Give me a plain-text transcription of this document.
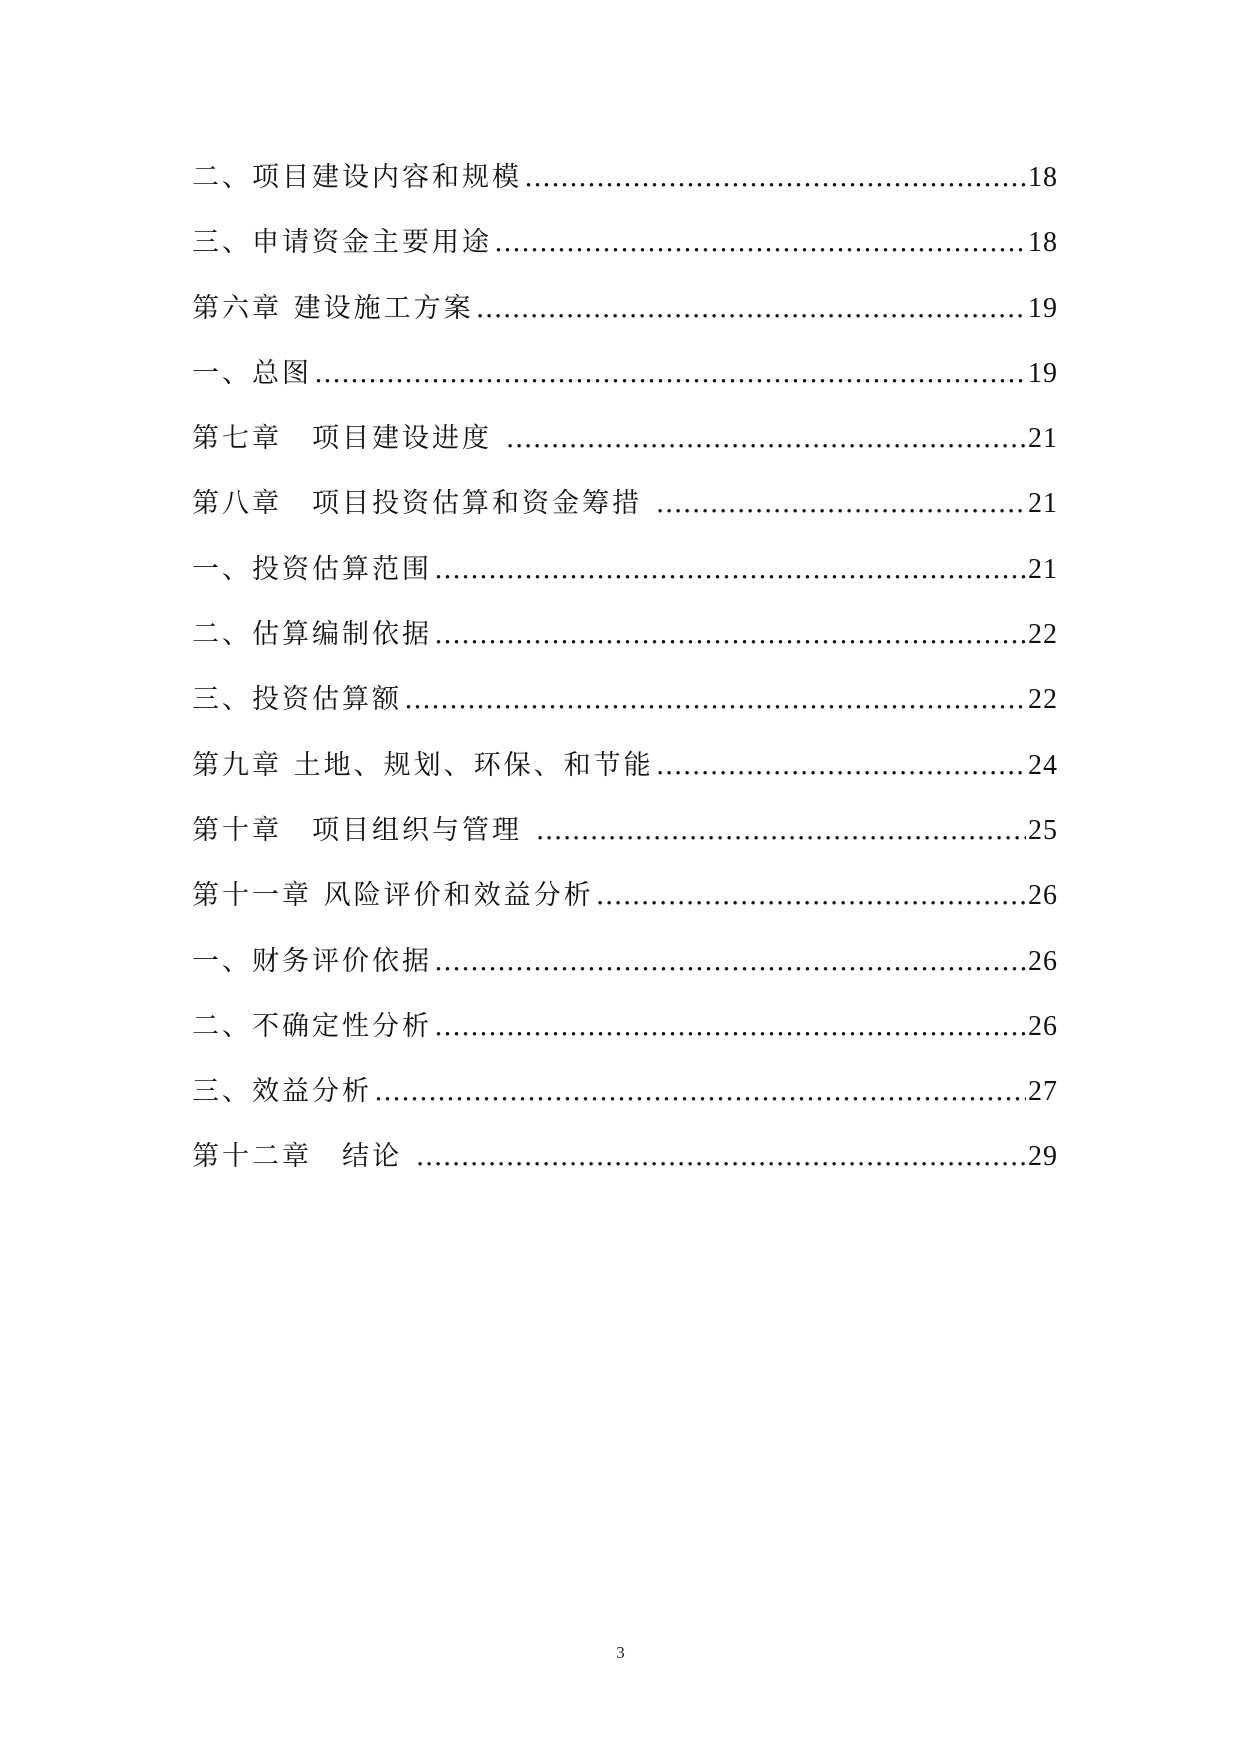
二、项目建设内容和规模 ………………………………………………………………………………………………………………………………………………………………………………	18
三、申请资金主要用途 ………………………………………………………………………………………………………………………………………………………………………………	18
第六章 建设施工方案 ………………………………………………………………………………………………………………………………………………………………………………	19
一、总图 ………………………………………………………………………………………………………………………………………………………………………………	19
第七章　项目建设进度 ………………………………………………………………………………………………………………………………………………………………………………	21
第八章　项目投资估算和资金筹措 ………………………………………………………………………………………………………………………………………………………………………………	21
一、投资估算范围 ………………………………………………………………………………………………………………………………………………………………………………	21
二、估算编制依据 ………………………………………………………………………………………………………………………………………………………………………………	22
三、投资估算额 ………………………………………………………………………………………………………………………………………………………………………………	22
第九章 土地、规划、环保、和节能 ………………………………………………………………………………………………………………………………………………………………………………	24
第十章　项目组织与管理 ………………………………………………………………………………………………………………………………………………………………………………	25
第十一章 风险评价和效益分析 ………………………………………………………………………………………………………………………………………………………………………………	26
一、财务评价依据 ………………………………………………………………………………………………………………………………………………………………………………	26
二、不确定性分析 ………………………………………………………………………………………………………………………………………………………………………………	26
三、效益分析 ………………………………………………………………………………………………………………………………………………………………………………	27
第十二章　结论 ………………………………………………………………………………………………………………………………………………………………………………	29
3
